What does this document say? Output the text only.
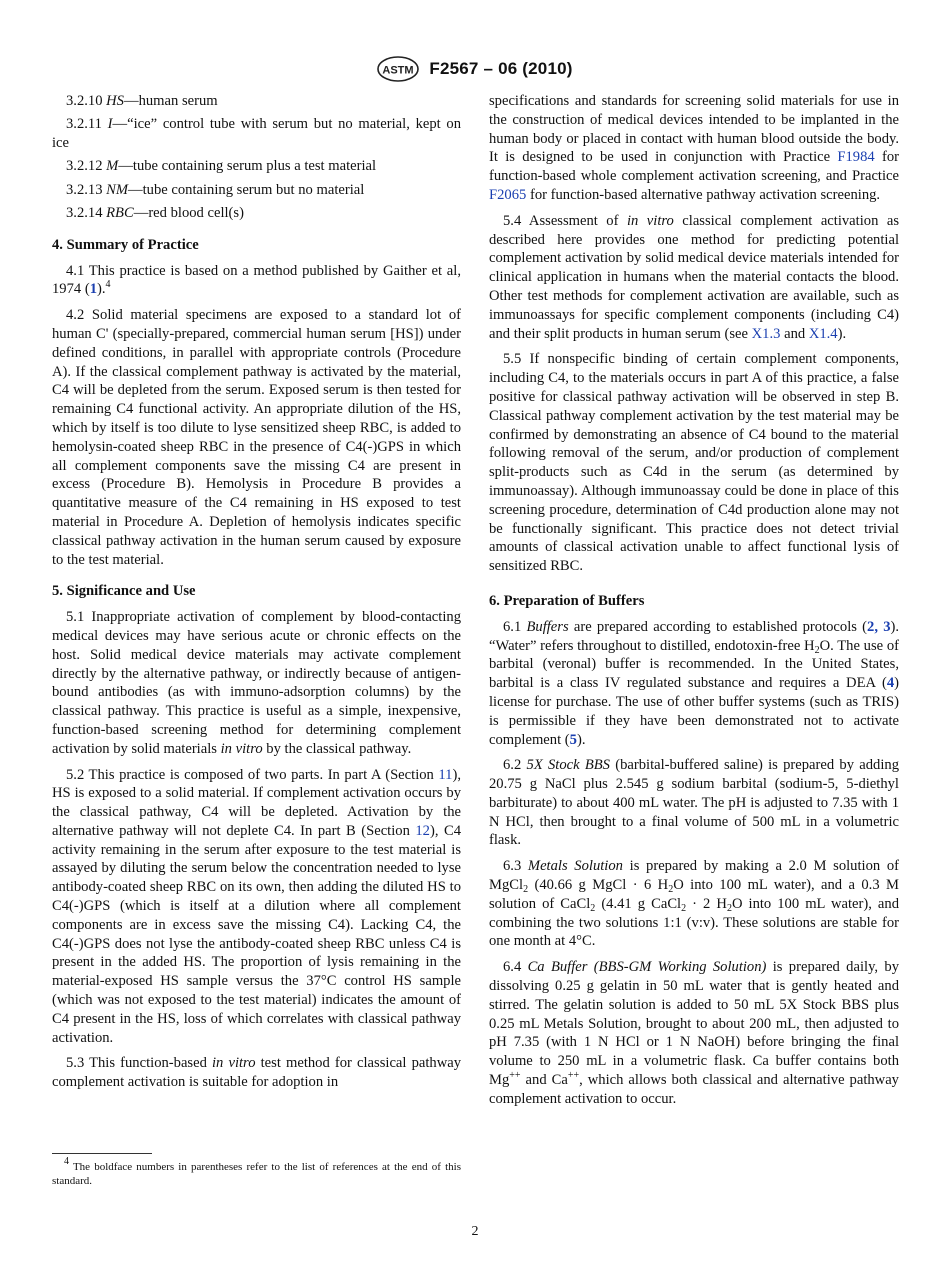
ASTM F2567 – 06 (2010)

3.2.10 HS—human serum

3.2.11 I—“ice” control tube with serum but no material, kept on ice

3.2.12 M—tube containing serum plus a test material

3.2.13 NM—tube containing serum but no material

3.2.14 RBC—red blood cell(s)

4. Summary of Practice

4.1 This practice is based on a method published by Gaither et al, 1974 (1).$^4$

4.2 Solid material specimens are exposed to a standard lot of human C' (specially-prepared, commercial human serum [HS]) under defined conditions, in parallel with appropriate controls (Procedure A). If the classical complement pathway is activated by the material, C4 will be depleted from the serum. Exposed serum is then tested for remaining C4 functional activity. An appropriate dilution of the HS, which by itself is too dilute to lyse sensitized sheep RBC, is added to hemolysin-coated sheep RBC in the presence of C4(-)GPS in which all complement components save the missing C4 are present in excess (Procedure B). Hemolysis in Procedure B provides a quantitative measure of the C4 remaining in HS exposed to test material in Procedure A. Depletion of hemolysis indicates specific classical pathway activation in the human serum caused by exposure to the test material.

5. Significance and Use

5.1 Inappropriate activation of complement by blood-contacting medical devices may have serious acute or chronic effects on the host. Solid medical device materials may activate complement directly by the alternative pathway, or indirectly because of antigen-bound antibodies (as with immuno-adsorption columns) by the classical pathway. This practice is useful as a simple, inexpensive, function-based screening method for determining complement activation by solid materials in vitro by the classical pathway.

5.2 This practice is composed of two parts. In part A (Section 11), HS is exposed to a solid material. If complement activation occurs by the classical pathway, C4 will be depleted. Activation by the alternative pathway will not deplete C4. In part B (Section 12), C4 activity remaining in the serum after exposure to the test material is assayed by diluting the serum below the concentration needed to lyse antibody-coated sheep RBC on its own, then adding the diluted HS to C4(-)GPS (which is itself at a dilution where all complement components are in excess save the missing C4). Lacking C4, the C4(-)GPS does not lyse the antibody-coated sheep RBC unless C4 is present in the added HS. The proportion of lysis remaining in the material-exposed HS sample versus the 37°C control HS sample (which was not exposed to the test material) indicates the amount of C4 present in the HS, loss of which correlates with classical pathway activation.

5.3 This function-based in vitro test method for classical pathway complement activation is suitable for adoption in

specifications and standards for screening solid materials for use in the construction of medical devices intended to be implanted in the human body or placed in contact with human blood outside the body. It is designed to be used in conjunction with Practice F1984 for function-based whole complement activation screening, and Practice F2065 for function-based alternative pathway activation screening.

5.4 Assessment of in vitro classical complement activation as described here provides one method for predicting potential complement activation by solid medical device materials intended for clinical application in humans when the material contacts the blood. Other test methods for complement activation are available, such as immunoassays for specific complement components (including C4) and their split products in human serum (see X1.3 and X1.4).

5.5 If nonspecific binding of certain complement components, including C4, to the materials occurs in part A of this practice, a false positive for classical pathway activation will be observed in step B. Classical pathway complement activation by the test material may be confirmed by demonstrating an absence of C4 bound to the material following removal of the serum, and/or production of complement split-products such as C4d in the serum (as determined by immunoassay). Although immunoassay could be done in place of this screening procedure, determination of C4d production alone may not be functionally significant. This practice does not detect trivial amounts of classical activation unable to affect functional lysis of sensitized RBC.

6. Preparation of Buffers

6.1 Buffers are prepared according to established protocols (2, 3). “Water” refers throughout to distilled, endotoxin-free $H_2O$. The use of barbital (veronal) buffer is recommended. In the United States, barbital is a class IV regulated substance and requires a DEA (4) license for purchase. The use of other buffer systems (such as TRIS) is permissible if they have been demonstrated not to activate complement (5).

6.2 5X Stock BBS (barbital-buffered saline) is prepared by adding 20.75 g NaCl plus 2.545 g sodium barbital (sodium-5, 5-diethyl barbiturate) to about 400 mL water. The pH is adjusted to 7.35 with 1 N HCl, then brought to a final volume of 500 mL in a volumetric flask.

6.3 Metals Solution is prepared by making a 2.0 M solution of MgCl$_2$ (40.66 g MgCl · 6 $H_2O$ into 100 mL water), and a 0.3 M solution of CaCl$_2$ (4.41 g CaCl$_2$ · 2 $H_2O$ into 100 mL water), and combining the two solutions 1:1 (v:v). These solutions are stable for one month at 4°C.

6.4 Ca Buffer (BBS-GM Working Solution) is prepared daily, by dissolving 0.25 g gelatin in 50 mL water that is gently heated and stirred. The gelatin solution is added to 50 mL 5X Stock BBS plus 0.25 mL Metals Solution, brought to about 200 mL, then adjusted to pH 7.35 (with 1 N HCl or 1 N NaOH) before bringing the final volume to 250 mL in a volumetric flask. Ca buffer contains both Mg++ and Ca++, which allows both classical and alternative pathway complement activation to occur.

$^4$ The boldface numbers in parentheses refer to the list of references at the end of this standard.
2
